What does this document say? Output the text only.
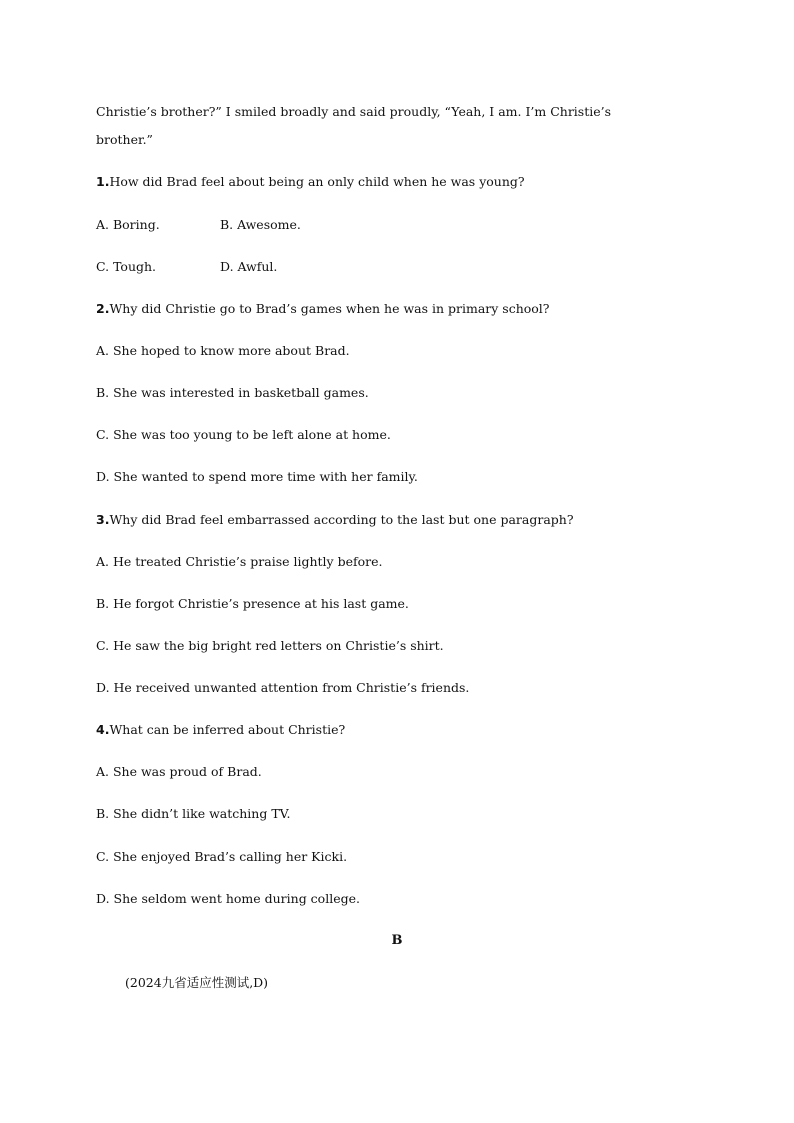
Christie’s brother?” I smiled broadly and said proudly, “Yeah, I am. I’m Christie’s
brother.”
1.How did Brad feel about being an only child when he was young?
A. Boring.	B. Awesome.
C. Tough.	D. Awful.
2.Why did Christie go to Brad’s games when he was in primary school?
A. She hoped to know more about Brad.
B. She was interested in basketball games.
C. She was too young to be left alone at home.
D. She wanted to spend more time with her family.
3.Why did Brad feel embarrassed according to the last but one paragraph?
A. He treated Christie’s praise lightly before.
B. He forgot Christie’s presence at his last game.
C. He saw the big bright red letters on Christie’s shirt.
D. He received unwanted attention from Christie’s friends.
4.What can be inferred about Christie?
A. She was proud of Brad.
B. She didn’t like watching TV.
C. She enjoyed Brad’s calling her Kicki.
D. She seldom went home during college.
B
(2024九省适应性测试,D)
